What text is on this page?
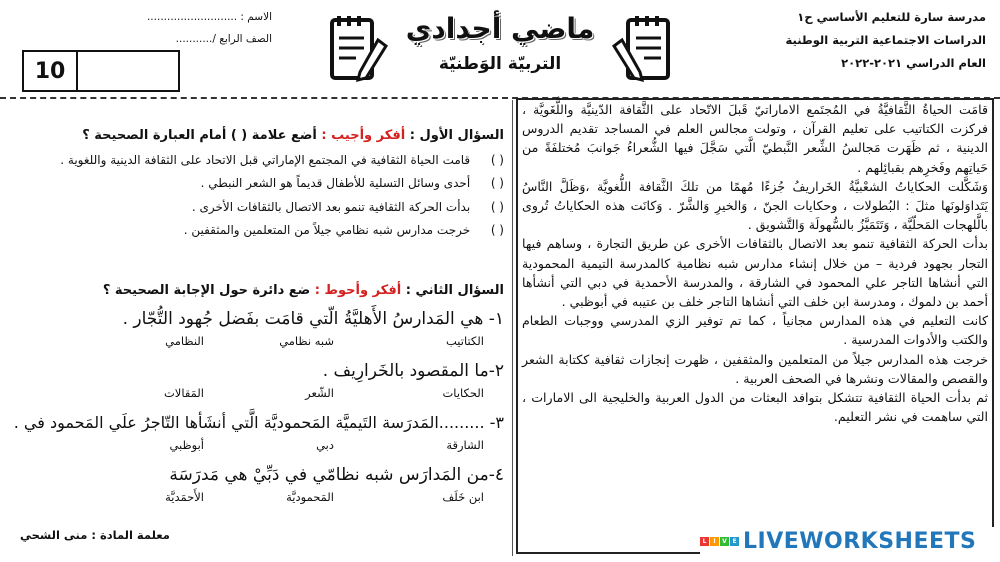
مدرسة سارة للتعليم الأساسي ح١
الدراسات الاجتماعية التربية الوطنية
العام الدراسي ٢٠٢١-٢٠٢٢
الاسم : ...........................
الصف الرابع /...........
10
ماضي أجدادي
التربيّة الوَطنيّة

قامَت الحياةُ الثَّقافيَّةُ في المُجتَمع الاماراتيّ قَبلَ الاتّحاد على الثَّقافة الدّينيَّة واللُّغَويَّة ، فركزت الكتاتيب على تعليم القرآن ، وتولت مجالس العلم في المساجد تقديم الدروس الدينية ، ثم ظَهَرت مَجالسُ الشِّعر النَّبطيّ الَّتي سَجَّلَ فيها الشُّعراءُ جَوانبَ مُختلفَةً من حَياتِهم وفَخرِهم بقبائِلهم .

وَشَكَّلت الحكاياتُ الشعْبيَّةُ الخَراريفُ جُزءًا مُهمًا من تلكَ الثَّقافة اللُّغويَّة ،وَظَلَّ النَّاسُ يَتَداوَلونَها مثلَ : البُطولات ، وحكايات الجنّ ، وَالخيرِ وَالشَّرّ . وَكانَت هذه الحكاياتُ تُروى بالَّلهجات المَحلّيَّة ، وَتَتَمَيَّزُ بالسُّهولَة وَالتَّشويق .

بدأت الحركة الثقافية تنمو بعد الاتصال بالثقافات الأخرى عن طريق التجارة ، وساهم فيها التجار بجهود فردية – من خلال إنشاء مدارس شبه نظامية كالمدرسة التيمية المحمودية التي أنشاها التاجر علي المحمود في الشارقة ، والمدرسة الأحمدية في دبي التي أنشأها أحمد بن دلموك ، ومدرسة ابن خلف التي أنشاها التاجر خلف بن عتيبه في أبوظبي .

كانت التعليم في هذه المدارس مجانياً ، كما تم توفير الزي المدرسي ووجبات الطعام والكتب والأدوات المدرسية .

خرجت هذه المدارس جيلاً من المتعلمين والمثقفين ، ظهرت إنجازات ثقافية ككتابة الشعر والقصص والمقالات ونشرها في الصحف العربية .

ثم بدأت الحياة الثقافية تتشكل بتوافد البعثات من الدول العربية والخليجية الى الامارات ، التي ساهمت في نشر التعليم.

السؤال الأول : أفكر وأجيب : أضع علامة ( ) أمام العبارة الصحيحة ؟
( ) قامت الحياة الثقافية في المجتمع الإماراتي قبل الاتحاد على الثقافة الدينية واللغوية .
( ) أحدى وسائل التسلية للأطفال قديماً هو الشعر النبطي .
( ) بدأت الحركة الثقافية تنمو بعد الاتصال بالثقافات الأخرى .
( ) خرجت مدارس شبه نظامي جيلاً من المتعلمين والمثقفين .
السؤال الثاني : أفكر وأحوط : ضع دائرة حول الإجابة الصحيحة ؟
١- هي المَدارسُ الأَهليَّةُ الّتي قامَت بفَضل جُهود التُّجّار .
الكتاتيب
شبه نظامي
النظامي
٢-ما المقصود بالخَرارِيف .
الحكايات
الشّعر
المَقالات
٣- .........المَدرَسة التَيميَّة المَحموديَّة الَّتي أنشَأها التّاجرُ علَي المَحمود في .
الشارقة
دبي
أبوظبي
٤-من المَدارَس شبه نظامّي في دَبِّيْ هي مَدرَسَة
ابن خَلَف
المَحموديَّة
الأَحمَديَّة
معلمة المادة : منى الشحي	L	I	V E LIVEWORKSHEETS
